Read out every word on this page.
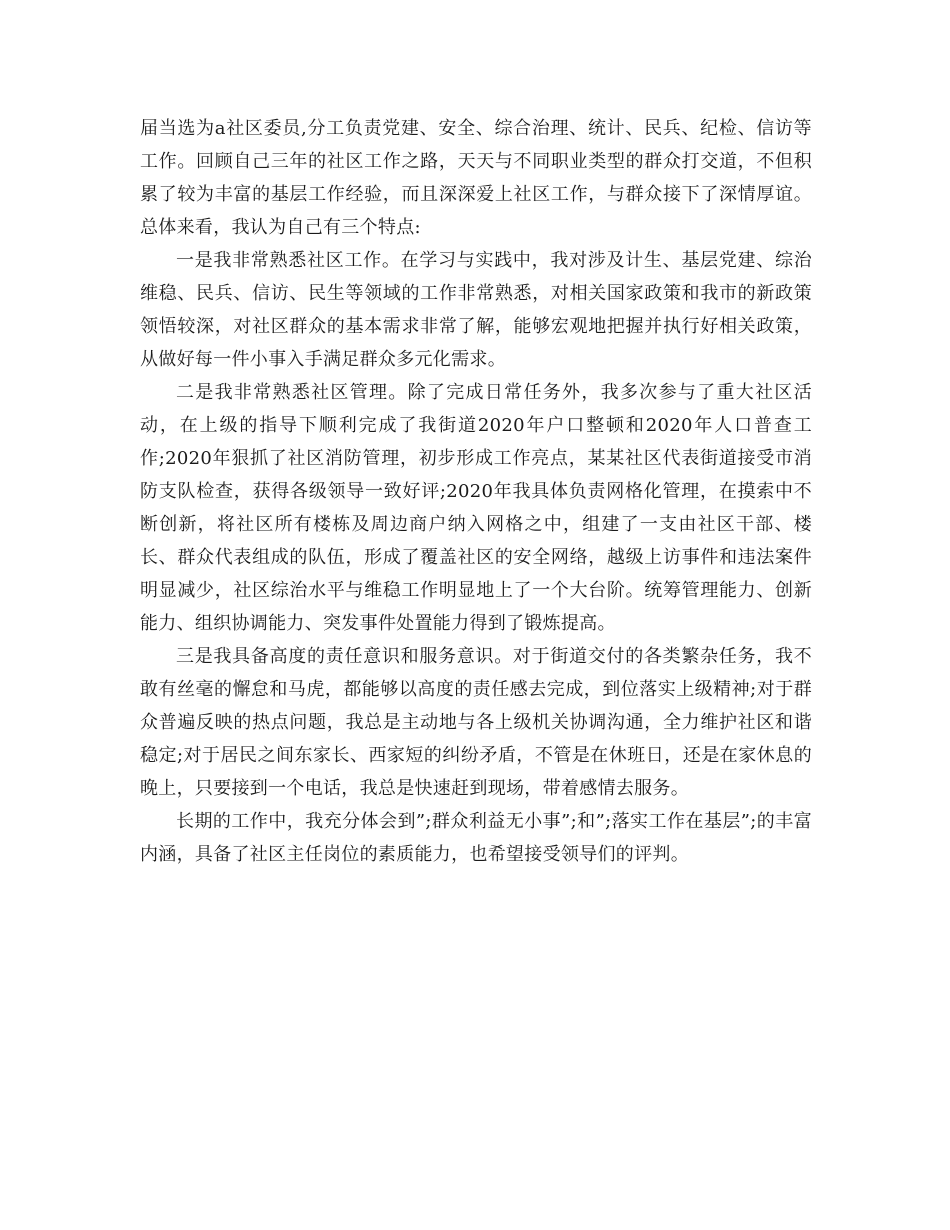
届当选为a社区委员,分工负责党建、安全、综合治理、统计、民兵、纪检、信访等工作。回顾自己三年的社区工作之路，天天与不同职业类型的群众打交道，不但积累了较为丰富的基层工作经验，而且深深爱上社区工作，与群众接下了深情厚谊。总体来看，我认为自己有三个特点:

一是我非常熟悉社区工作。在学习与实践中，我对涉及计生、基层党建、综治维稳、民兵、信访、民生等领域的工作非常熟悉，对相关国家政策和我市的新政策领悟较深，对社区群众的基本需求非常了解，能够宏观地把握并执行好相关政策，从做好每一件小事入手满足群众多元化需求。

二是我非常熟悉社区管理。除了完成日常任务外，我多次参与了重大社区活动，在上级的指导下顺利完成了我街道2020年户口整顿和2020年人口普查工作;2020年狠抓了社区消防管理，初步形成工作亮点，某某社区代表街道接受市消防支队检查，获得各级领导一致好评;2020年我具体负责网格化管理，在摸索中不断创新，将社区所有楼栋及周边商户纳入网格之中，组建了一支由社区干部、楼长、群众代表组成的队伍，形成了覆盖社区的安全网络，越级上访事件和违法案件明显减少，社区综治水平与维稳工作明显地上了一个大台阶。统筹管理能力、创新能力、组织协调能力、突发事件处置能力得到了锻炼提高。

三是我具备高度的责任意识和服务意识。对于街道交付的各类繁杂任务，我不敢有丝毫的懈怠和马虎，都能够以高度的责任感去完成，到位落实上级精神;对于群众普遍反映的热点问题，我总是主动地与各上级机关协调沟通，全力维护社区和谐稳定;对于居民之间东家长、西家短的纠纷矛盾，不管是在休班日，还是在家休息的晚上，只要接到一个电话，我总是快速赶到现场，带着感情去服务。

长期的工作中，我充分体会到”;群众利益无小事”;和”;落实工作在基层”;的丰富内涵，具备了社区主任岗位的素质能力，也希望接受领导们的评判。
